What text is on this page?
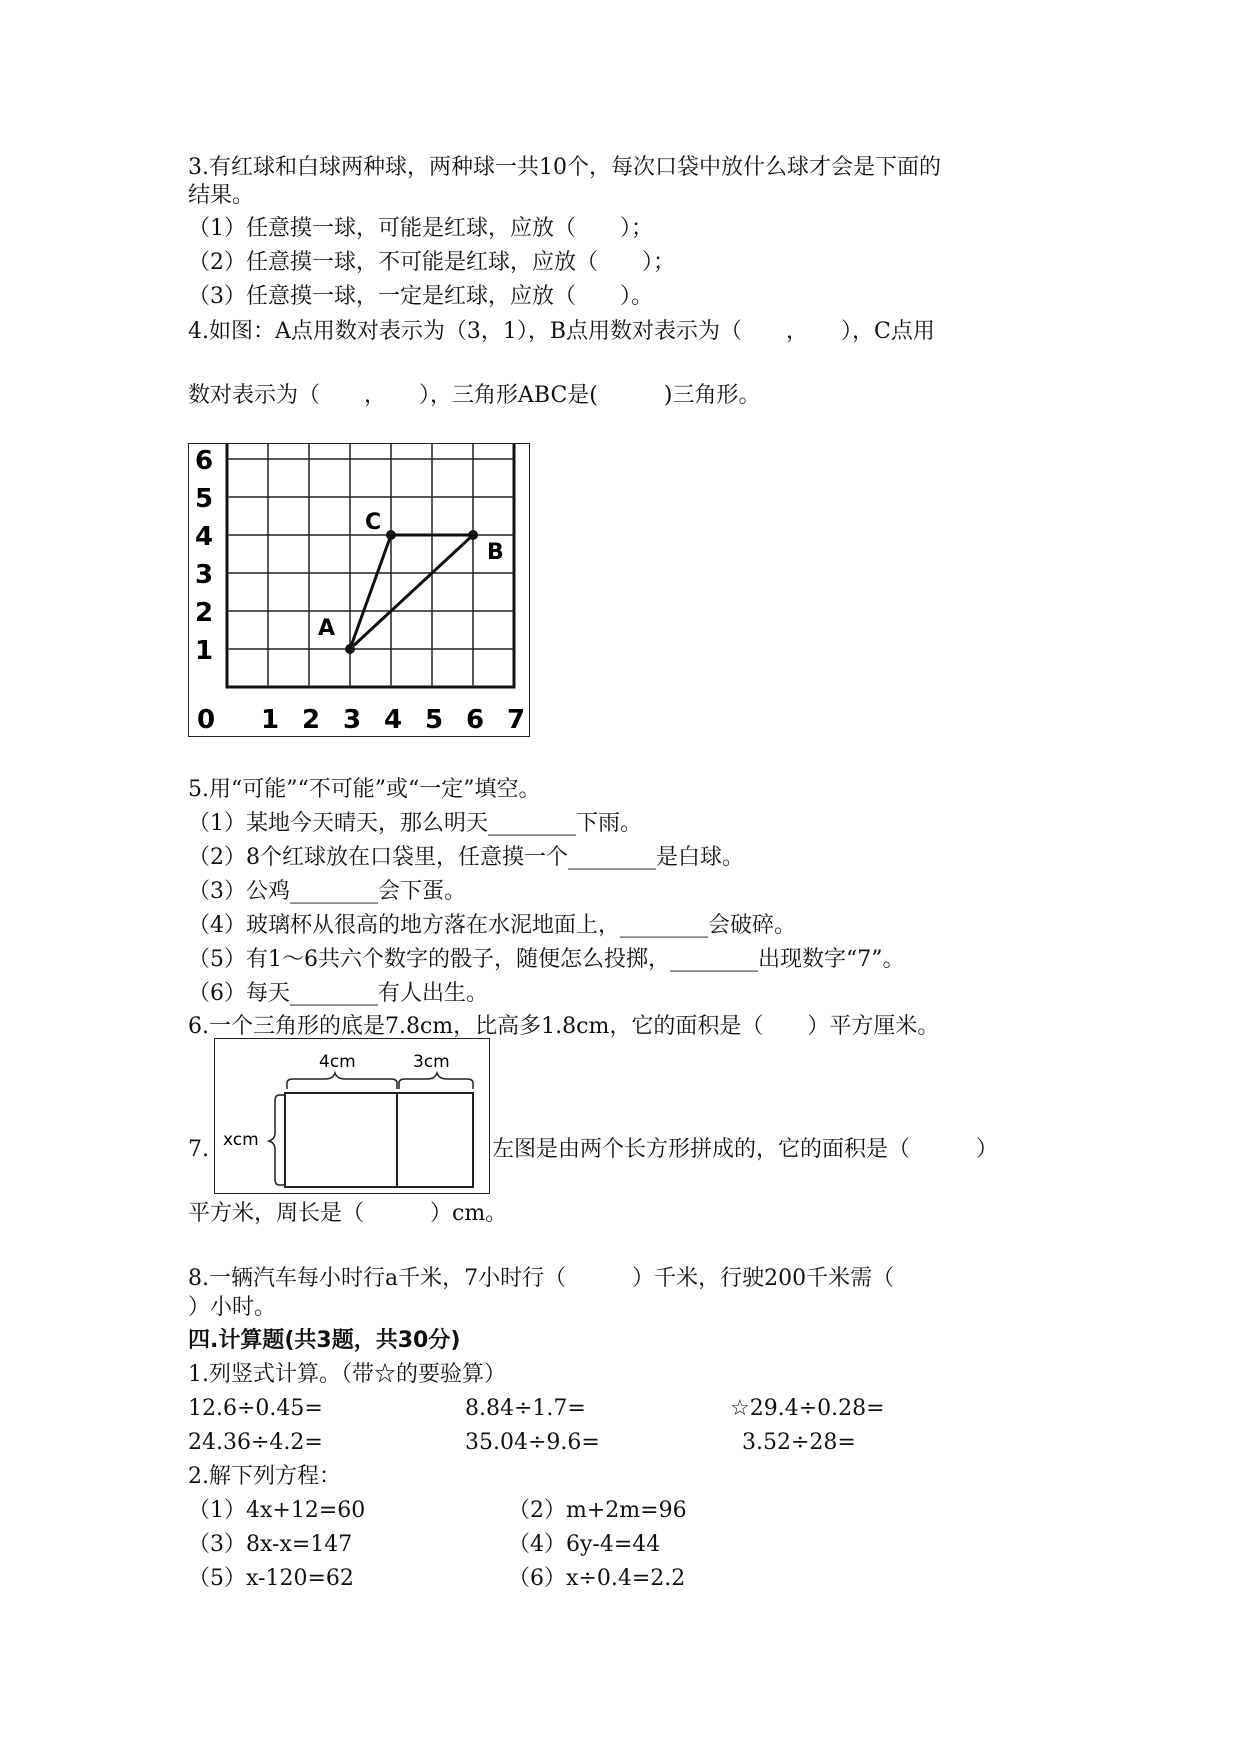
3.有红球和白球两种球，两种球一共10个，每次口袋中放什么球才会是下面的
结果。
（1）任意摸一球，可能是红球，应放（　　）；
（2）任意摸一球，不可能是红球，应放（　　）；
（3）任意摸一球，一定是红球，应放（　　）。
4.如图：A点用数对表示为（3，1），B点用数对表示为（　　，　　），C点用
数对表示为（　　，　　），三角形ABC是(　　　)三角形。
0 1 2 3 4 5 6 7
1
2
3
4
5
6
A
B
C
5.用“可能”“不可能”或“一定”填空。
（1）某地今天晴天，那么明天________下雨。
（2）8个红球放在口袋里，任意摸一个________是白球。
（3）公鸡________会下蛋。
（4）玻璃杯从很高的地方落在水泥地面上，________会破碎。
（5）有1～6共六个数字的骰子，随便怎么投掷，________出现数字“7”。
（6）每天________有人出生。
6.一个三角形的底是7.8cm，比高多1.8cm，它的面积是（　　）平方厘米。
7.
4cm	3cm
xcm	左图是由两个长方形拼成的，它的面积是（　　　）
平方米，周长是（　　　）cm。
8.一辆汽车每小时行a千米，7小时行（　　　）千米，行驶200千米需（
）小时。
四.计算题(共3题，共30分)
1.列竖式计算。（带☆的要验算）
12.6÷0.45=	8.84÷1.7=	☆29.4÷0.28=
24.36÷4.2=	35.04÷9.6=	3.52÷28=
2.解下列方程：
（1）4x+12=60	（2）m+2m=96
（3）8x-x=147	（4）6y-4=44
（5）x-120=62	（6）x÷0.4=2.2
